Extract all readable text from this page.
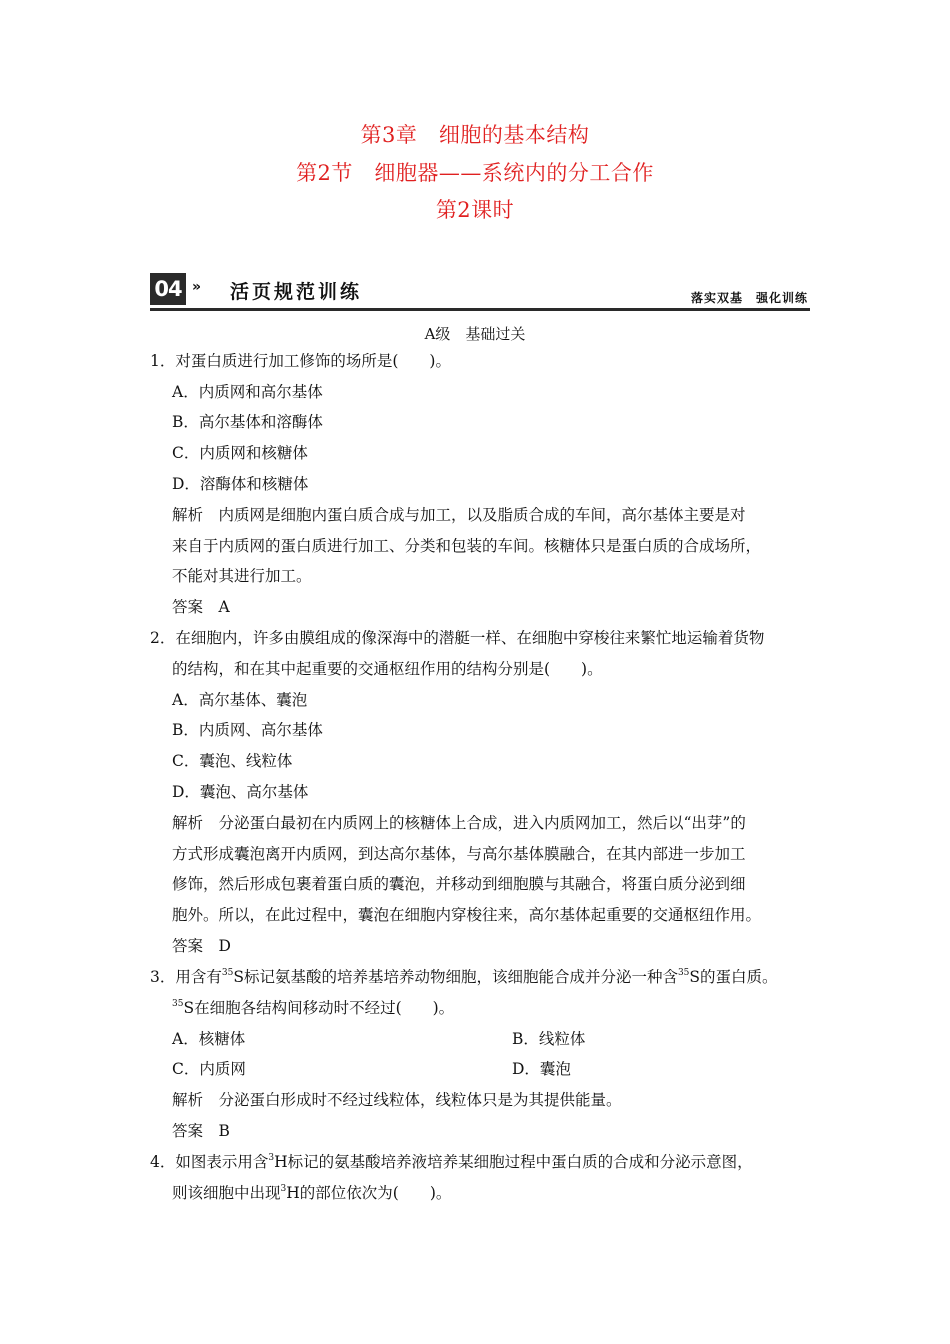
第3章　细胞的基本结构
第2节　细胞器——系统内的分工合作
第2课时
04 » 活页规范训练	落实双基　强化训练
A级　基础过关
1．对蛋白质进行加工修饰的场所是(　　)。
A．内质网和高尔基体
B．高尔基体和溶酶体
C．内质网和核糖体
D．溶酶体和核糖体
解析　内质网是细胞内蛋白质合成与加工，以及脂质合成的车间，高尔基体主要是对
来自于内质网的蛋白质进行加工、分类和包装的车间。核糖体只是蛋白质的合成场所，
不能对其进行加工。
答案　A
2．在细胞内，许多由膜组成的像深海中的潜艇一样、在细胞中穿梭往来繁忙地运输着货物
的结构，和在其中起重要的交通枢纽作用的结构分别是(　　)。
A．高尔基体、囊泡
B．内质网、高尔基体
C．囊泡、线粒体
D．囊泡、高尔基体
解析　分泌蛋白最初在内质网上的核糖体上合成，进入内质网加工，然后以“出芽”的
方式形成囊泡离开内质网，到达高尔基体，与高尔基体膜融合，在其内部进一步加工
修饰，然后形成包裹着蛋白质的囊泡，并移动到细胞膜与其融合，将蛋白质分泌到细
胞外。所以，在此过程中，囊泡在细胞内穿梭往来，高尔基体起重要的交通枢纽作用。
答案　D
3．用含有$^{35}$S标记氨基酸的培养基培养动物细胞，该细胞能合成并分泌一种含$^{35}$S的蛋白质。
$^{35}$S在细胞各结构间移动时不经过(　　)。
A．核糖体	B．线粒体
C．内质网	D．囊泡
解析　分泌蛋白形成时不经过线粒体，线粒体只是为其提供能量。
答案　B
4．如图表示用含$^3$H标记的氨基酸培养液培养某细胞过程中蛋白质的合成和分泌示意图，
则该细胞中出现$^3$H的部位依次为(　　)。
